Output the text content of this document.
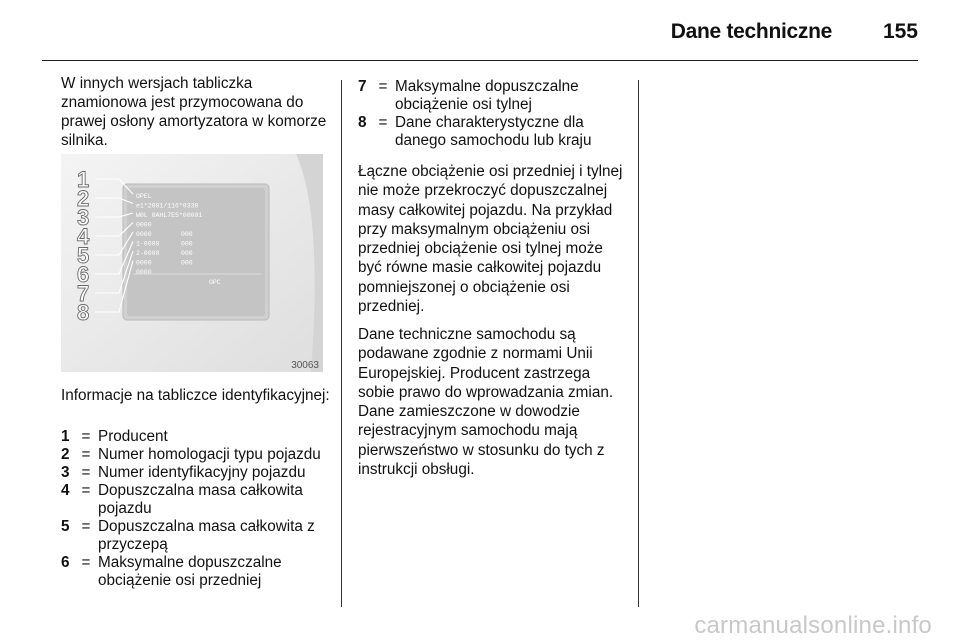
Dane techniczne 155

W innych wersjach tabliczka znamionowa jest przymocowana do prawej osłony amortyzatora w komorze silnika.

OPEL
e1*2001/116*0338
W0L 0AHL7E5*00001
0000
0000
1-0000
2-0000
0000
0000
000
000
000
000
OPC
1
2
3
4
5
6
7
8
30063
Informacje na tabliczce identyfikacyjnej:
1 = Producent
2 = Numer homologacji typu pojazdu
3 = Numer identyfikacyjny pojazdu
4 = Dopuszczalna masa całkowita pojazdu
5 = Dopuszczalna masa całkowita z przyczepą
6 = Maksymalne dopuszczalne obciążenie osi przedniej
7 = Maksymalne dopuszczalne obciążenie osi tylnej
8 = Dane charakterystyczne dla danego samochodu lub kraju
Łączne obciążenie osi przedniej i tylnej nie może przekroczyć dopuszczalnej masy całkowitej pojazdu. Na przykład przy maksymalnym obciążeniu osi przedniej obciążenie osi tylnej może być równe masie całkowitej pojazdu pomniejszonej o obciążenie osi przedniej.
Dane techniczne samochodu są podawane zgodnie z normami Unii Europejskiej. Producent zastrzega sobie prawo do wprowadzania zmian. Dane zamieszczone w dowodzie rejestracyjnym samochodu mają pierwszeństwo w stosunku do tych z instrukcji obsługi.
carmanualsonline.info
